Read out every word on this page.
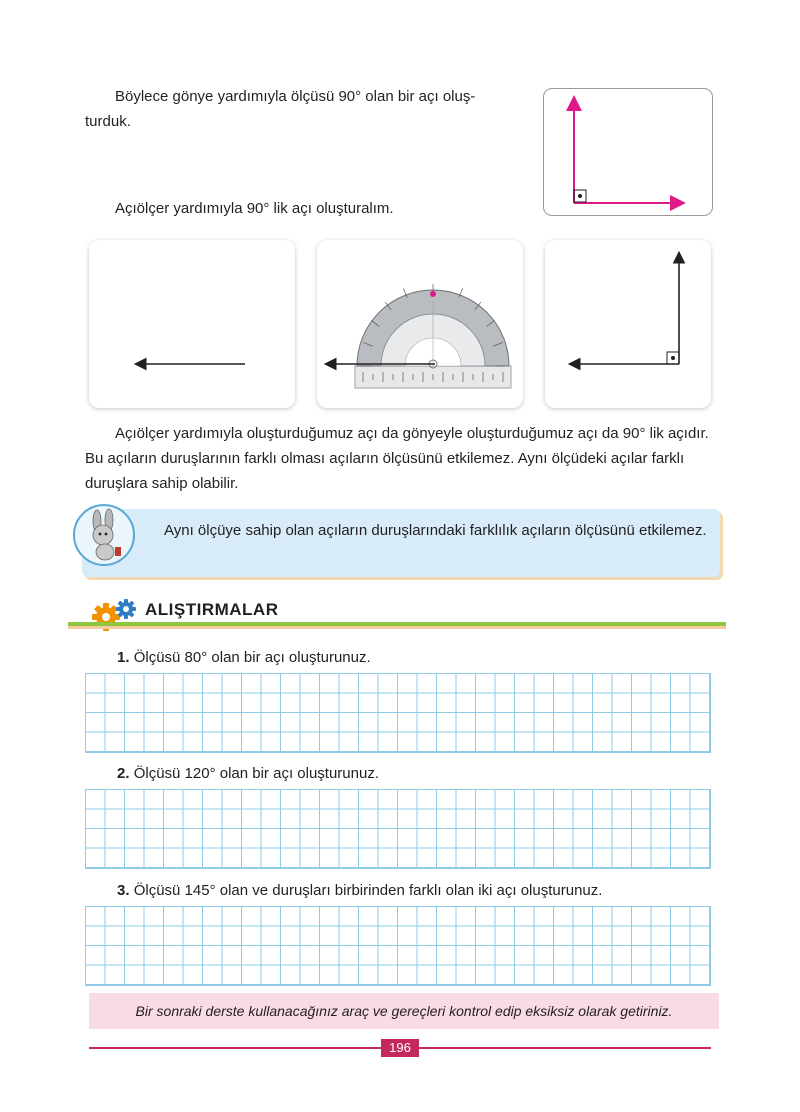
Böylece gönye yardımıyla ölçüsü 90° olan bir açı oluş-turduk.
Açıölçer yardımıyla 90° lik açı oluşturalım.
Açıölçer yardımıyla oluşturduğumuz açı da gönyeyle oluşturduğumuz açı da 90° lik açıdır. Bu açıların duruşlarının farklı olması açıların ölçüsünü etkilemez. Aynı ölçüdeki açılar farklı duruşlara sahip olabilir.
Aynı ölçüye sahip olan açıların duruşlarındaki farklılık açıların ölçüsünü etkilemez.
ALIŞTIRMALAR
1. Ölçüsü 80° olan bir açı oluşturunuz.
2. Ölçüsü 120° olan bir açı oluşturunuz.
3. Ölçüsü 145° olan ve duruşları birbirinden farklı olan iki açı oluşturunuz.
Bir sonraki derste kullanacağınız araç ve gereçleri kontrol edip eksiksiz olarak getiriniz.
196
